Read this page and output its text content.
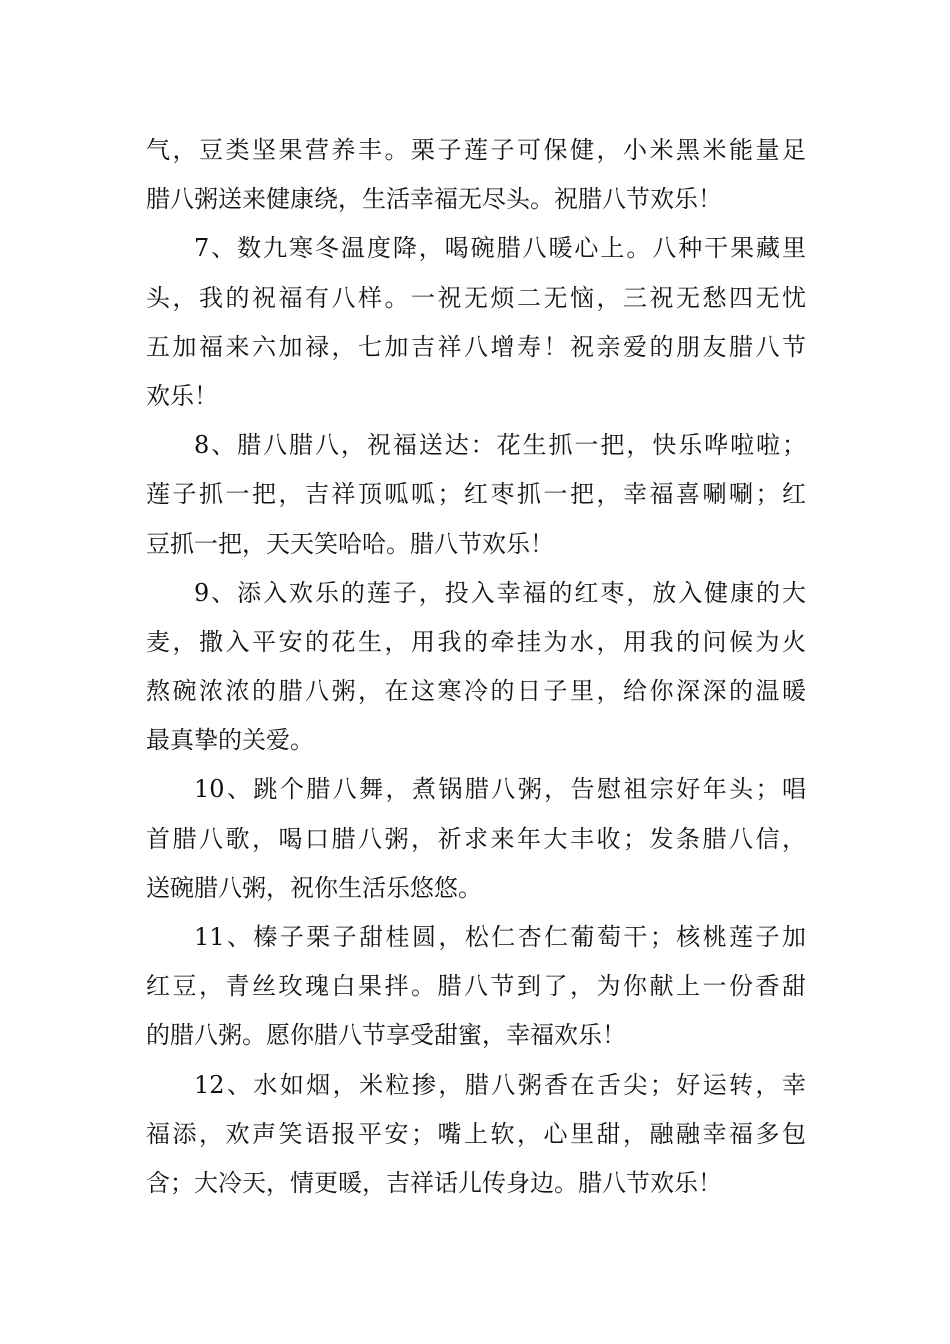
气，豆类坚果营养丰。栗子莲子可保健，小米黑米能量足
腊八粥送来健康绕，生活幸福无尽头。祝腊八节欢乐！
7、数九寒冬温度降，喝碗腊八暖心上。八种干果藏里
头，我的祝福有八样。一祝无烦二无恼，三祝无愁四无忧
五加福来六加禄，七加吉祥八增寿！祝亲爱的朋友腊八节
欢乐！
8、腊八腊八，祝福送达：花生抓一把，快乐哗啦啦；
莲子抓一把，吉祥顶呱呱；红枣抓一把，幸福喜唰唰；红
豆抓一把，天天笑哈哈。腊八节欢乐！
9、添入欢乐的莲子，投入幸福的红枣，放入健康的大
麦，撒入平安的花生，用我的牵挂为水，用我的问候为火
熬碗浓浓的腊八粥，在这寒冷的日子里，给你深深的温暖
最真挚的关爱。
10、跳个腊八舞，煮锅腊八粥，告慰祖宗好年头；唱
首腊八歌，喝口腊八粥，祈求来年大丰收；发条腊八信，
送碗腊八粥，祝你生活乐悠悠。
11、榛子栗子甜桂圆，松仁杏仁葡萄干；核桃莲子加
红豆，青丝玫瑰白果拌。腊八节到了，为你献上一份香甜
的腊八粥。愿你腊八节享受甜蜜，幸福欢乐！
12、水如烟，米粒掺，腊八粥香在舌尖；好运转，幸
福添，欢声笑语报平安；嘴上软，心里甜，融融幸福多包
含；大冷天，情更暖，吉祥话儿传身边。腊八节欢乐！
